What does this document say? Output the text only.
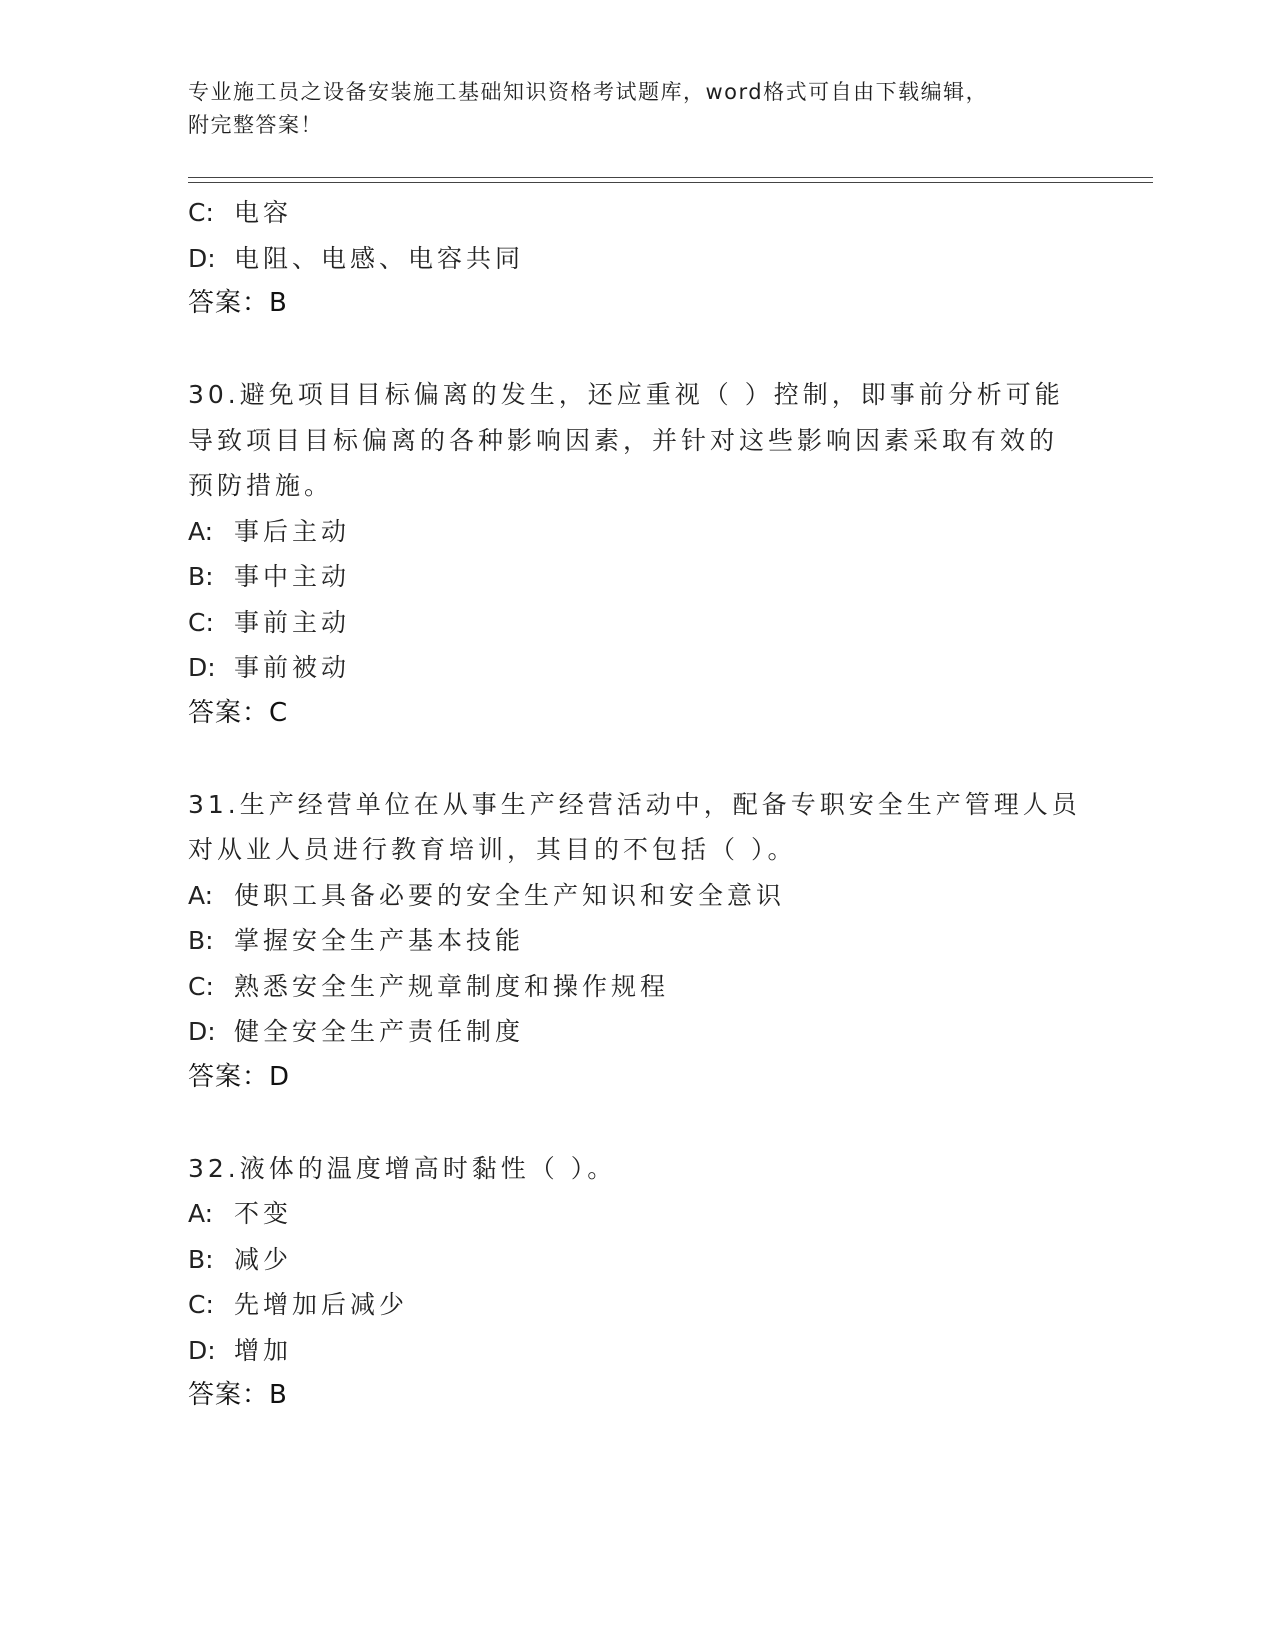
专业施工员之设备安装施工基础知识资格考试题库，word格式可自由下载编辑，
附完整答案！
C: 电容
D: 电阻、电感、电容共同
答案：B
30.避免项目目标偏离的发生，还应重视（ ）控制，即事前分析可能
导致项目目标偏离的各种影响因素，并针对这些影响因素采取有效的
预防措施。
A: 事后主动
B: 事中主动
C: 事前主动
D: 事前被动
答案：C
31.生产经营单位在从事生产经营活动中，配备专职安全生产管理人员
对从业人员进行教育培训，其目的不包括（ ）。
A: 使职工具备必要的安全生产知识和安全意识
B: 掌握安全生产基本技能
C: 熟悉安全生产规章制度和操作规程
D: 健全安全生产责任制度
答案：D
32.液体的温度增高时黏性（ ）。
A: 不变
B: 减少
C: 先增加后减少
D: 增加
答案：B
